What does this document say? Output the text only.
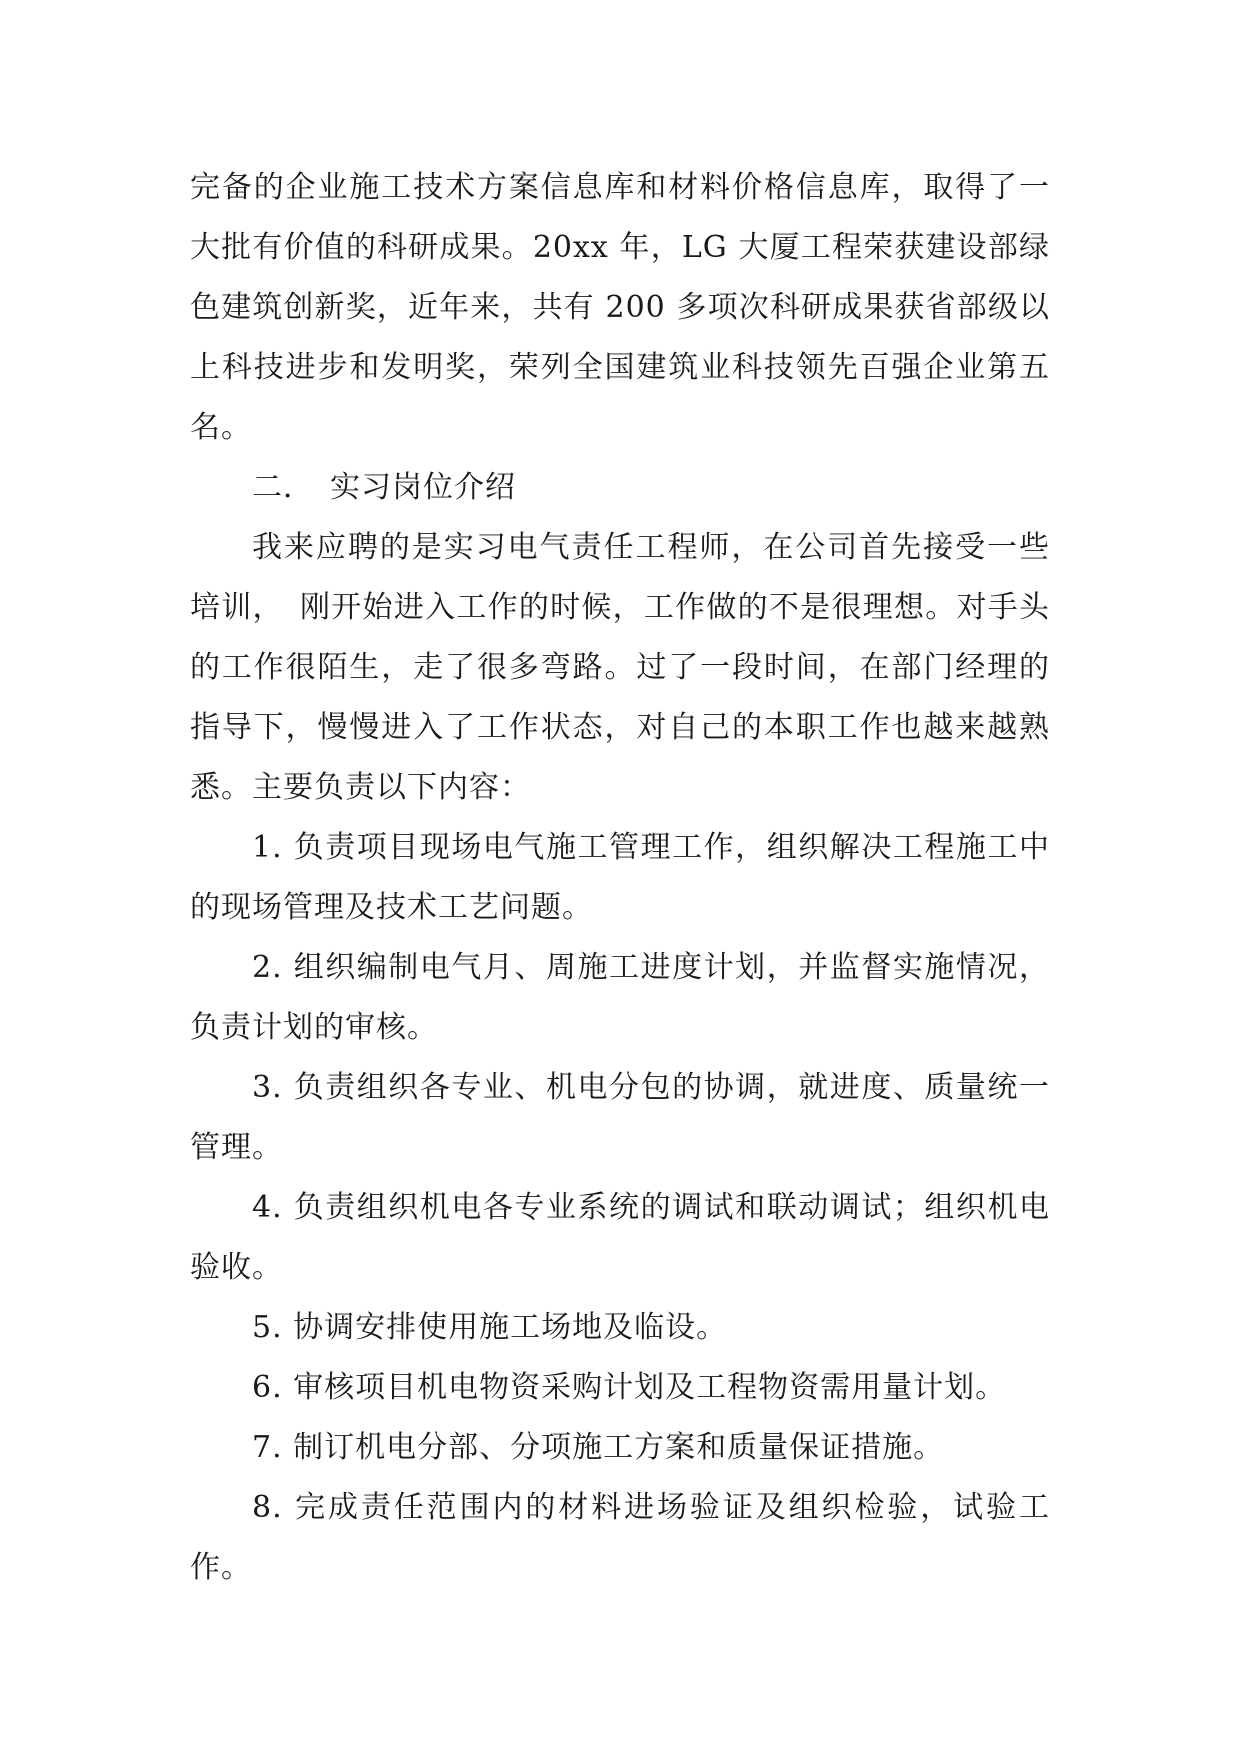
完备的企业施工技术方案信息库和材料价格信息库，取得了一大批有价值的科研成果。20xx 年，LG 大厦工程荣获建设部绿色建筑创新奖，近年来，共有 200 多项次科研成果获省部级以上科技进步和发明奖，荣列全国建筑业科技领先百强企业第五名。

二．　实习岗位介绍

我来应聘的是实习电气责任工程师，在公司首先接受一些培训，　刚开始进入工作的时候，工作做的不是很理想。对手头的工作很陌生，走了很多弯路。过了一段时间，在部门经理的指导下，慢慢进入了工作状态，对自己的本职工作也越来越熟悉。主要负责以下内容：

1. 负责项目现场电气施工管理工作，组织解决工程施工中的现场管理及技术工艺问题。

2. 组织编制电气月、周施工进度计划，并监督实施情况，负责计划的审核。

3. 负责组织各专业、机电分包的协调，就进度、质量统一管理。

4. 负责组织机电各专业系统的调试和联动调试；组织机电验收。

5. 协调安排使用施工场地及临设。

6. 审核项目机电物资采购计划及工程物资需用量计划。

7. 制订机电分部、分项施工方案和质量保证措施。

8. 完成责任范围内的材料进场验证及组织检验，试验工作。
